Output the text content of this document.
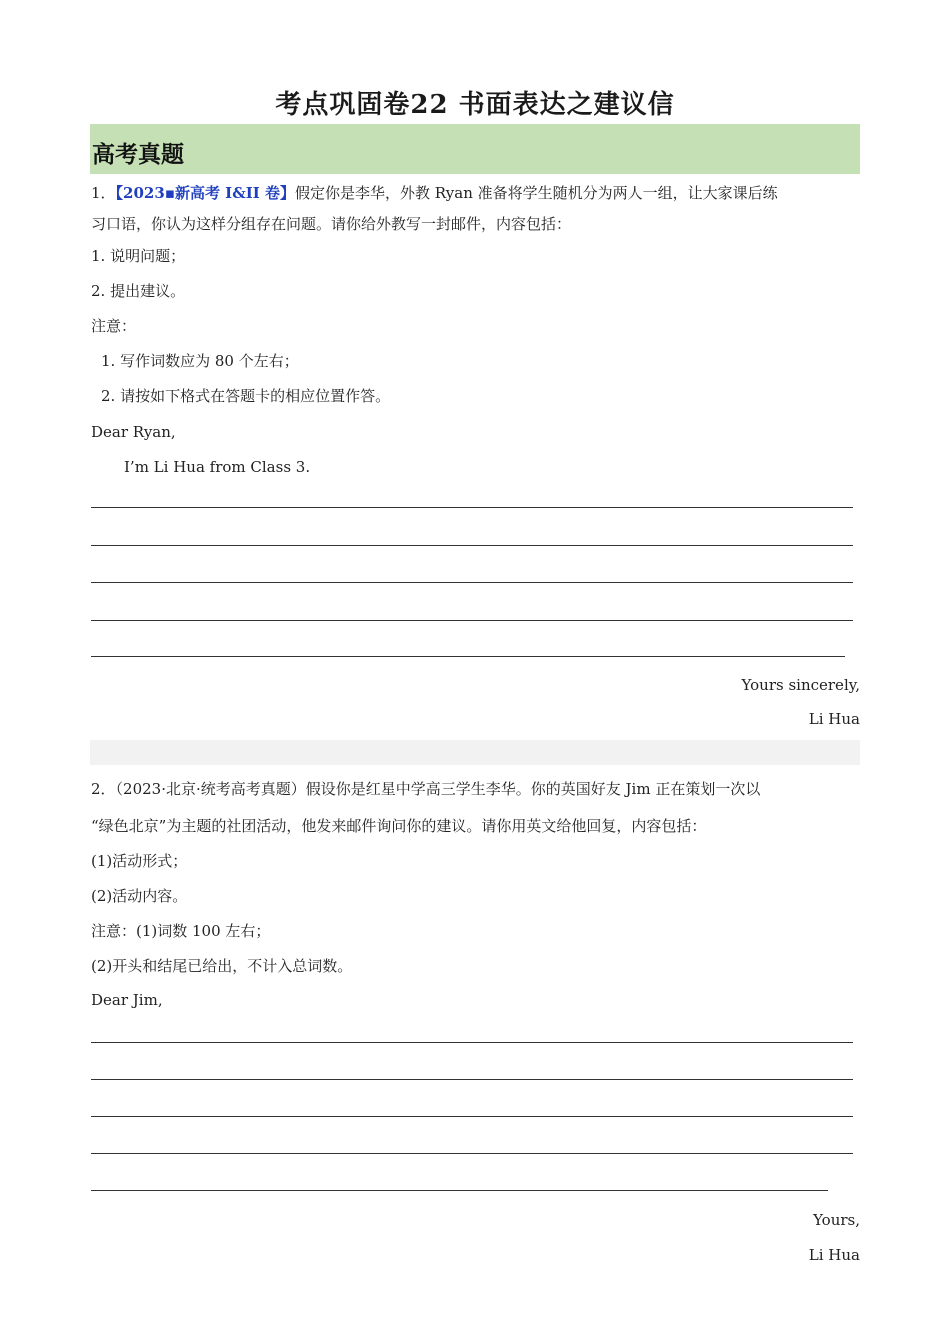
考点巩固卷22 书面表达之建议信
高考真题
1．【2023▪新高考 I&II 卷】假定你是李华，外教 Ryan 准备将学生随机分为两人一组，让大家课后练
习口语，你认为这样分组存在问题。请你给外教写一封邮件，内容包括：
1. 说明问题；
2. 提出建议。
注意：
1. 写作词数应为 80 个左右；
2. 请按如下格式在答题卡的相应位置作答。
Dear Ryan,
I’m Li Hua from Class 3.
Yours sincerely,
Li Hua
2．（2023·北京·统考高考真题）假设你是红星中学高三学生李华。你的英国好友 Jim 正在策划一次以
“绿色北京”为主题的社团活动，他发来邮件询问你的建议。请你用英文给他回复，内容包括：
(1)活动形式；
(2)活动内容。
注意：(1)词数 100 左右；
(2)开头和结尾已给出，不计入总词数。
Dear Jim,
Yours,
Li Hua
